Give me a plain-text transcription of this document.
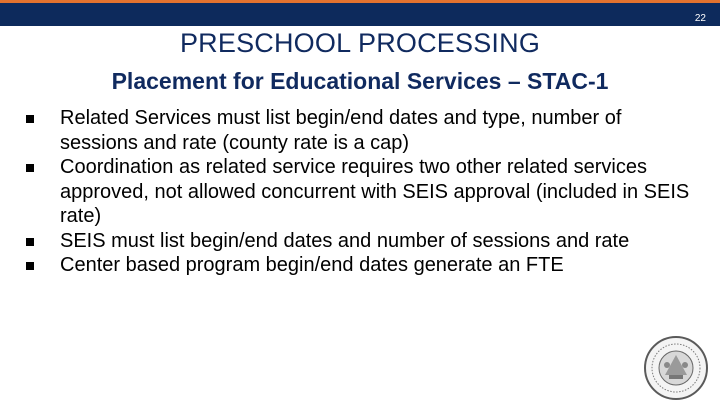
22
PRESCHOOL PROCESSING
Placement for Educational Services – STAC-1
Related Services must list begin/end dates and type, number of sessions and rate (county rate is a cap)
Coordination as related service requires two other related services approved, not allowed concurrent with SEIS approval (included in SEIS rate)
SEIS must list begin/end dates and number of sessions and rate
Center based program begin/end dates generate an FTE
